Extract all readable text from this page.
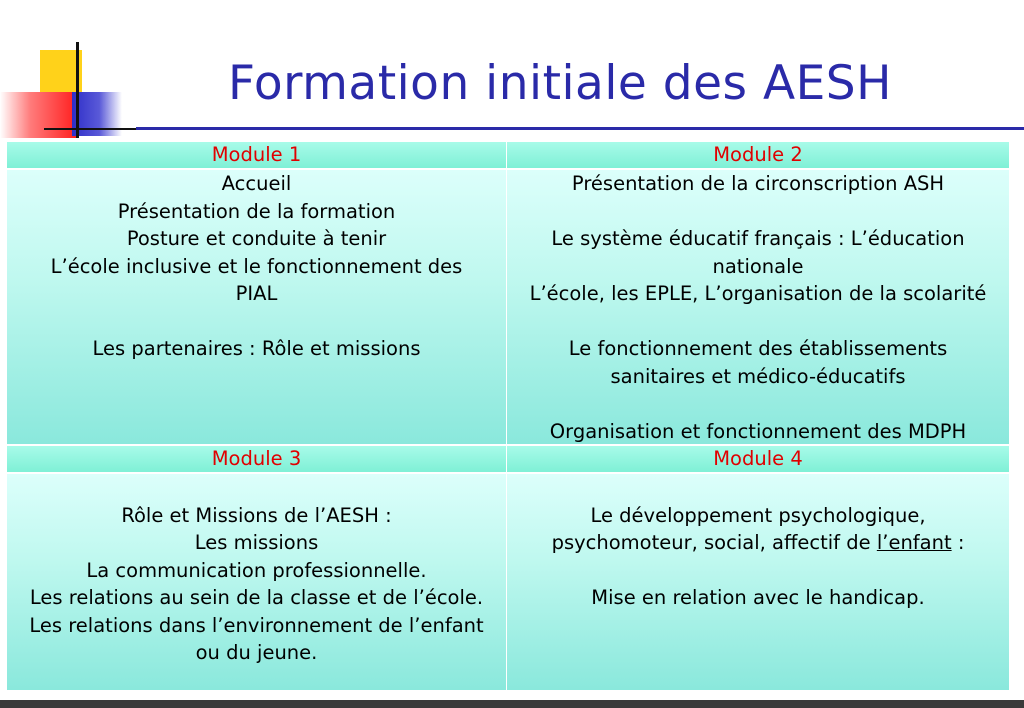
Formation initiale des AESH
Module 1	Module 2
Accueil
Présentation de la formation
Posture et conduite à tenir
L’école inclusive et le fonctionnement des
PIAL
Les partenaires : Rôle et missions
Présentation de la circonscription ASH
Le système éducatif français : L’éducation
nationale
L’école, les EPLE, L’organisation de la scolarité
Le fonctionnement des établissements
sanitaires et médico-éducatifs
Organisation et fonctionnement des MDPH
Module 3	Module 4
Rôle et Missions de l’AESH :
Les missions
La communication professionnelle.
Les relations au sein de la classe et de l’école.
Les relations dans l’environnement de l’enfant
ou du jeune.
Le développement psychologique,
psychomoteur, social, affectif de l’enfant :
Mise en relation avec le handicap.
